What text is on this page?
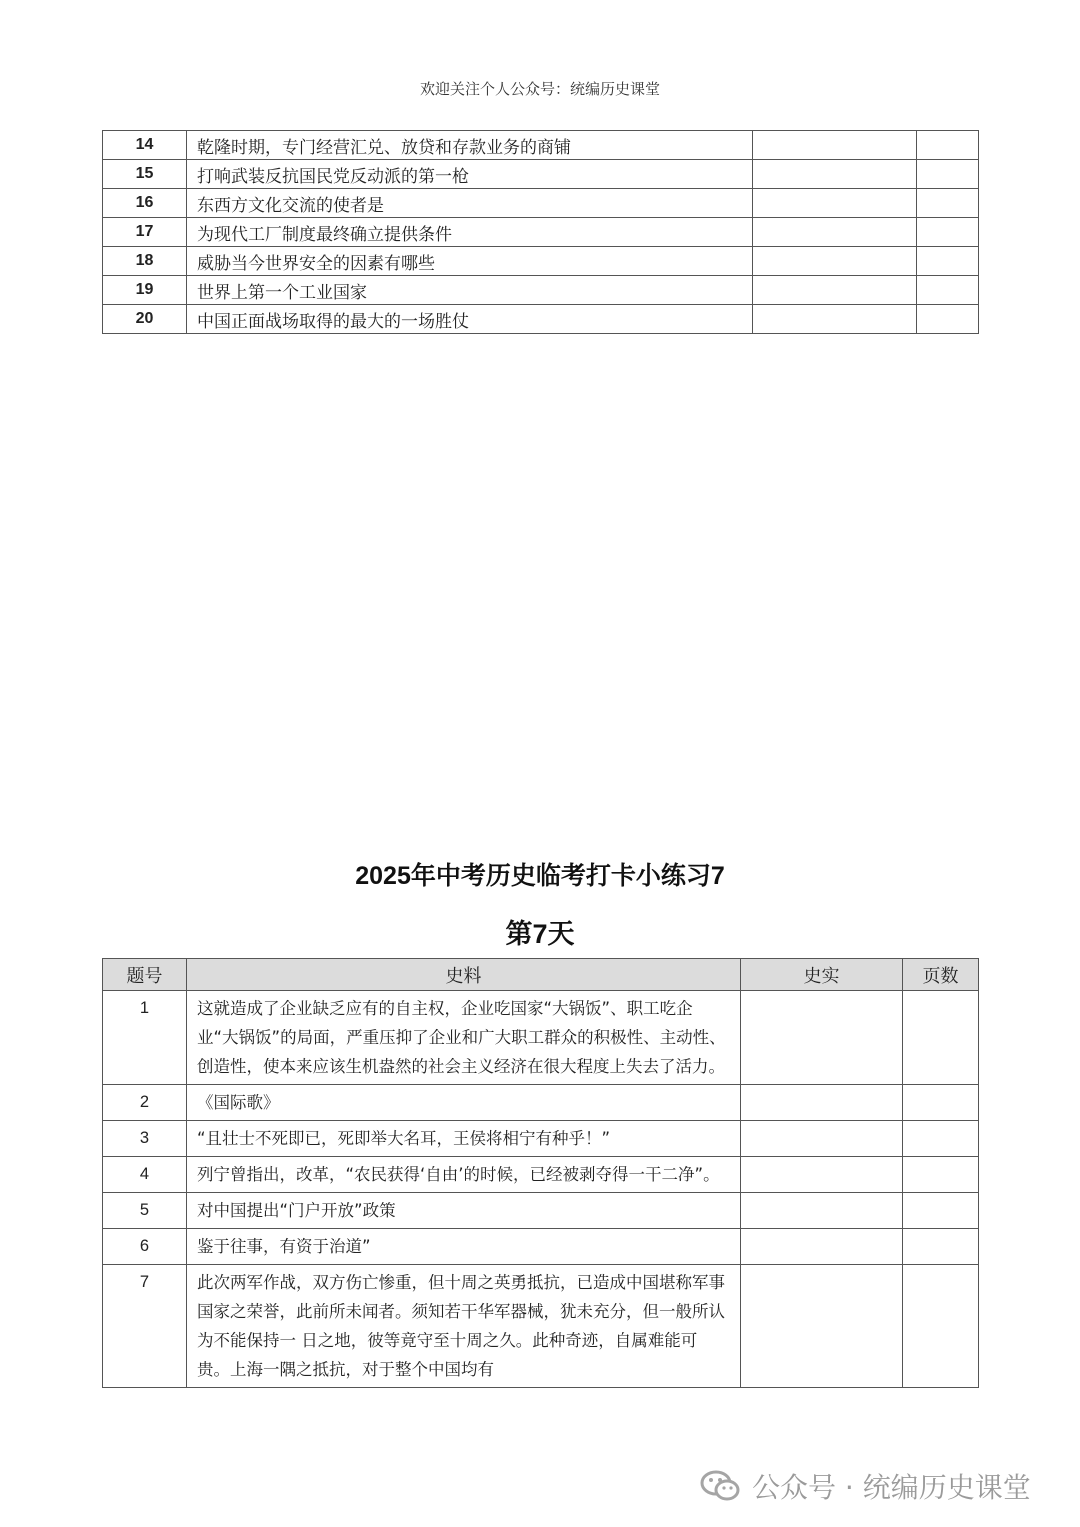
欢迎关注个人公众号：统编历史课堂
14	乾隆时期，专门经营汇兑、放贷和存款业务的商铺		
15	打响武装反抗国民党反动派的第一枪		
16	东西方文化交流的使者是		
17	为现代工厂制度最终确立提供条件		
18	威胁当今世界安全的因素有哪些		
19	世界上第一个工业国家		
20	中国正面战场取得的最大的一场胜仗		
2025年中考历史临考打卡小练习7
第7天
题号	史料	史实	页数
1	这就造成了企业缺乏应有的自主权，企业吃国家“大锅饭”、职工吃企业“大锅饭”的局面，严重压抑了企业和广大职工群众的积极性、主动性、创造性，使本来应该生机盎然的社会主义经济在很大程度上失去了活力。		
2	《国际歌》		
3	“且壮士不死即已，死即举大名耳，王侯将相宁有种乎！”		
4	列宁曾指出，改革，“农民获得‘自由’的时候，已经被剥夺得一干二净”。		
5	对中国提出“门户开放”政策		
6	鉴于往事，有资于治道”		
7	此次两军作战，双方伤亡惨重，但十周之英勇抵抗，已造成中国堪称军事国家之荣誉，此前所未闻者。须知若干华军器械，犹未充分，但一般所认为不能保持一 日之地，彼等竟守至十周之久。此种奇迹，自属难能可贵。上海一隅之抵抗，对于整个中国均有		
公众号 · 统编历史课堂
